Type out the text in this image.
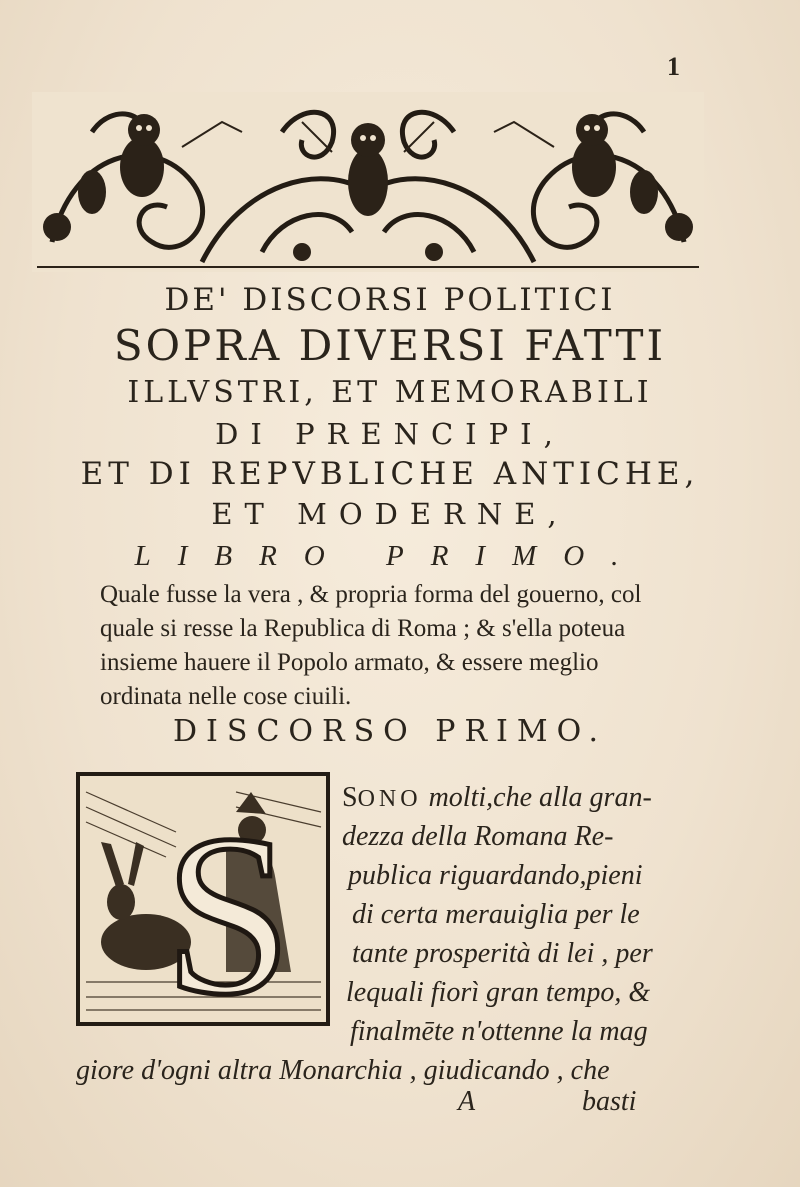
1
DE' DISCORSI POLITICI
SOPRA DIVERSI FATTI
ILLVSTRI, ET MEMORABILI
DI PRENCIPI,
ET DI REPVBLICHE ANTICHE,
ET MODERNE,
LIBRO PRIMO.
Quale fusse la vera , & propria forma del gouerno, col
quale si resse la Republica di Roma ; & s'ella poteua
insieme hauere il Popolo armato, & essere meglio
ordinata nelle cose ciuili.
DISCORSO PRIMO.
S SONO molti,che alla gran-
dezza della Romana Re-
publica riguardando,pieni
di certa merauiglia per le
tante prosperità di lei , per
lequali fiorì gran tempo, &
finalmēte n'ottenne la mag
giore d'ogni altra Monarchia , giudicando , che
A	basti
